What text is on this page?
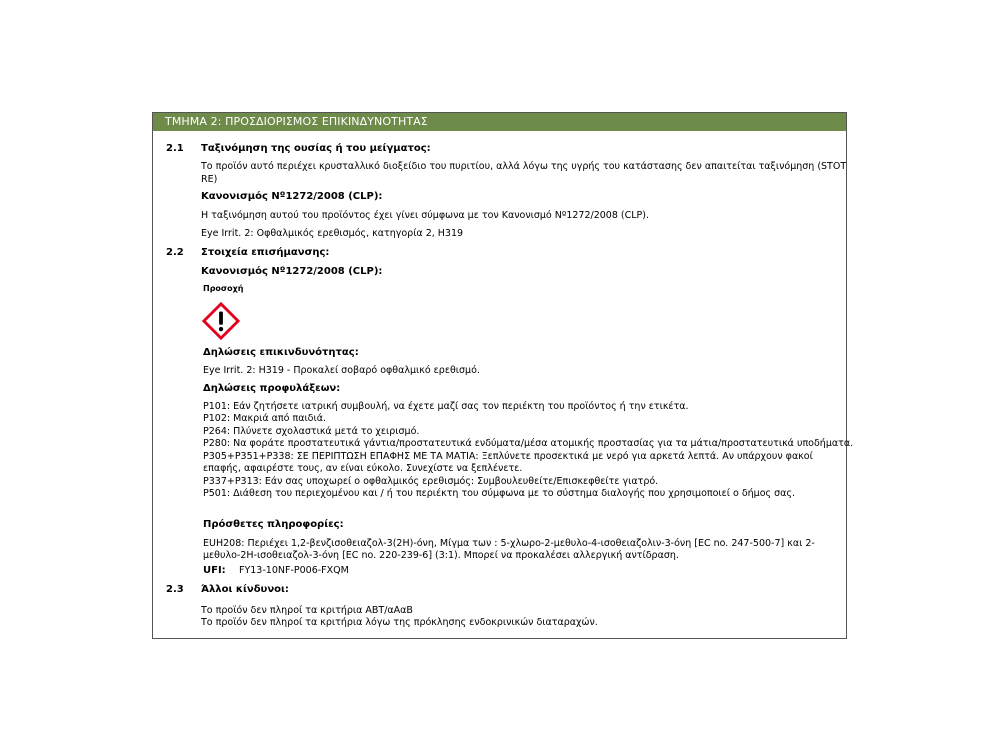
ΤΜΗΜΑ 2: ΠΡΟΣΔΙΟΡΙΣΜΟΣ ΕΠΙΚΙΝΔΥΝΟΤΗΤΑΣ
2.1 Ταξινόμηση της ουσίας ή του μείγματος:
Το προϊόν αυτό περιέχει κρυσταλλικό διοξείδιο του πυριτίου, αλλά λόγω της υγρής του κατάστασης δεν απαιτείται ταξινόμηση (STOT
RE)
Κανονισμός Nº1272/2008 (CLP):
Η ταξινόμηση αυτού του προϊόντος έχει γίνει σύμφωνα με τον Κανονισμό Nº1272/2008 (CLP).
Eye Irrit. 2: Οφθαλμικός ερεθισμός, κατηγορία 2, H319
2.2 Στοιχεία επισήμανσης:
Κανονισμός Nº1272/2008 (CLP):
Προσοχή
Δηλώσεις επικινδυνότητας:
Eye Irrit. 2: H319 - Προκαλεί σοβαρό οφθαλμικό ερεθισμό.
Δηλώσεις προφυλάξεων:
P101: Εάν ζητήσετε ιατρική συμβουλή, να έχετε μαζί σας τον περιέκτη του προϊόντος ή την ετικέτα.
P102: Μακριά από παιδιά.
P264: Πλύνετε σχολαστικά μετά το χειρισμό.
P280: Να φοράτε προστατευτικά γάντια/προστατευτικά ενδύματα/μέσα ατομικής προστασίας για τα μάτια/προστατευτικά υποδήματα.
P305+P351+P338: ΣΕ ΠΕΡΙΠΤΩΣΗ ΕΠΑΦΗΣ ΜΕ ΤΑ ΜΑΤΙΑ: Ξεπλύνετε προσεκτικά με νερό για αρκετά λεπτά. Αν υπάρχουν φακοί
επαφής, αφαιρέστε τους, αν είναι εύκολο. Συνεχίστε να ξεπλένετε.
P337+P313: Εάν σας υποχωρεί ο οφθαλμικός ερεθισμός: Συμβουλευθείτε/Επισκεφθείτε γιατρό.
P501: Διάθεση του περιεχομένου και / ή του περιέκτη του σύμφωνα με το σύστημα διαλογής που χρησιμοποιεί ο δήμος σας.
Πρόσθετες πληροφορίες:
EUH208: Περιέχει 1,2-βενζισοθειαζολ-3(2H)-όνη, Μίγμα των : 5-χλωρο-2-μεθυλο-4-ισοθειαζολιν-3-όνη [EC no. 247-500-7] και 2-
μεθυλο-2H-ισοθειαζολ-3-όνη [EC no. 220-239-6] (3:1). Μπορεί να προκαλέσει αλλεργική αντίδραση.
UFI: FY13-10NF-P006-FXQM
2.3 Άλλοι κίνδυνοι:
Το προϊόν δεν πληροί τα κριτήρια ΑΒΤ/αΑαΒ
Το προϊόν δεν πληροί τα κριτήρια λόγω της πρόκλησης ενδοκρινικών διαταραχών.
